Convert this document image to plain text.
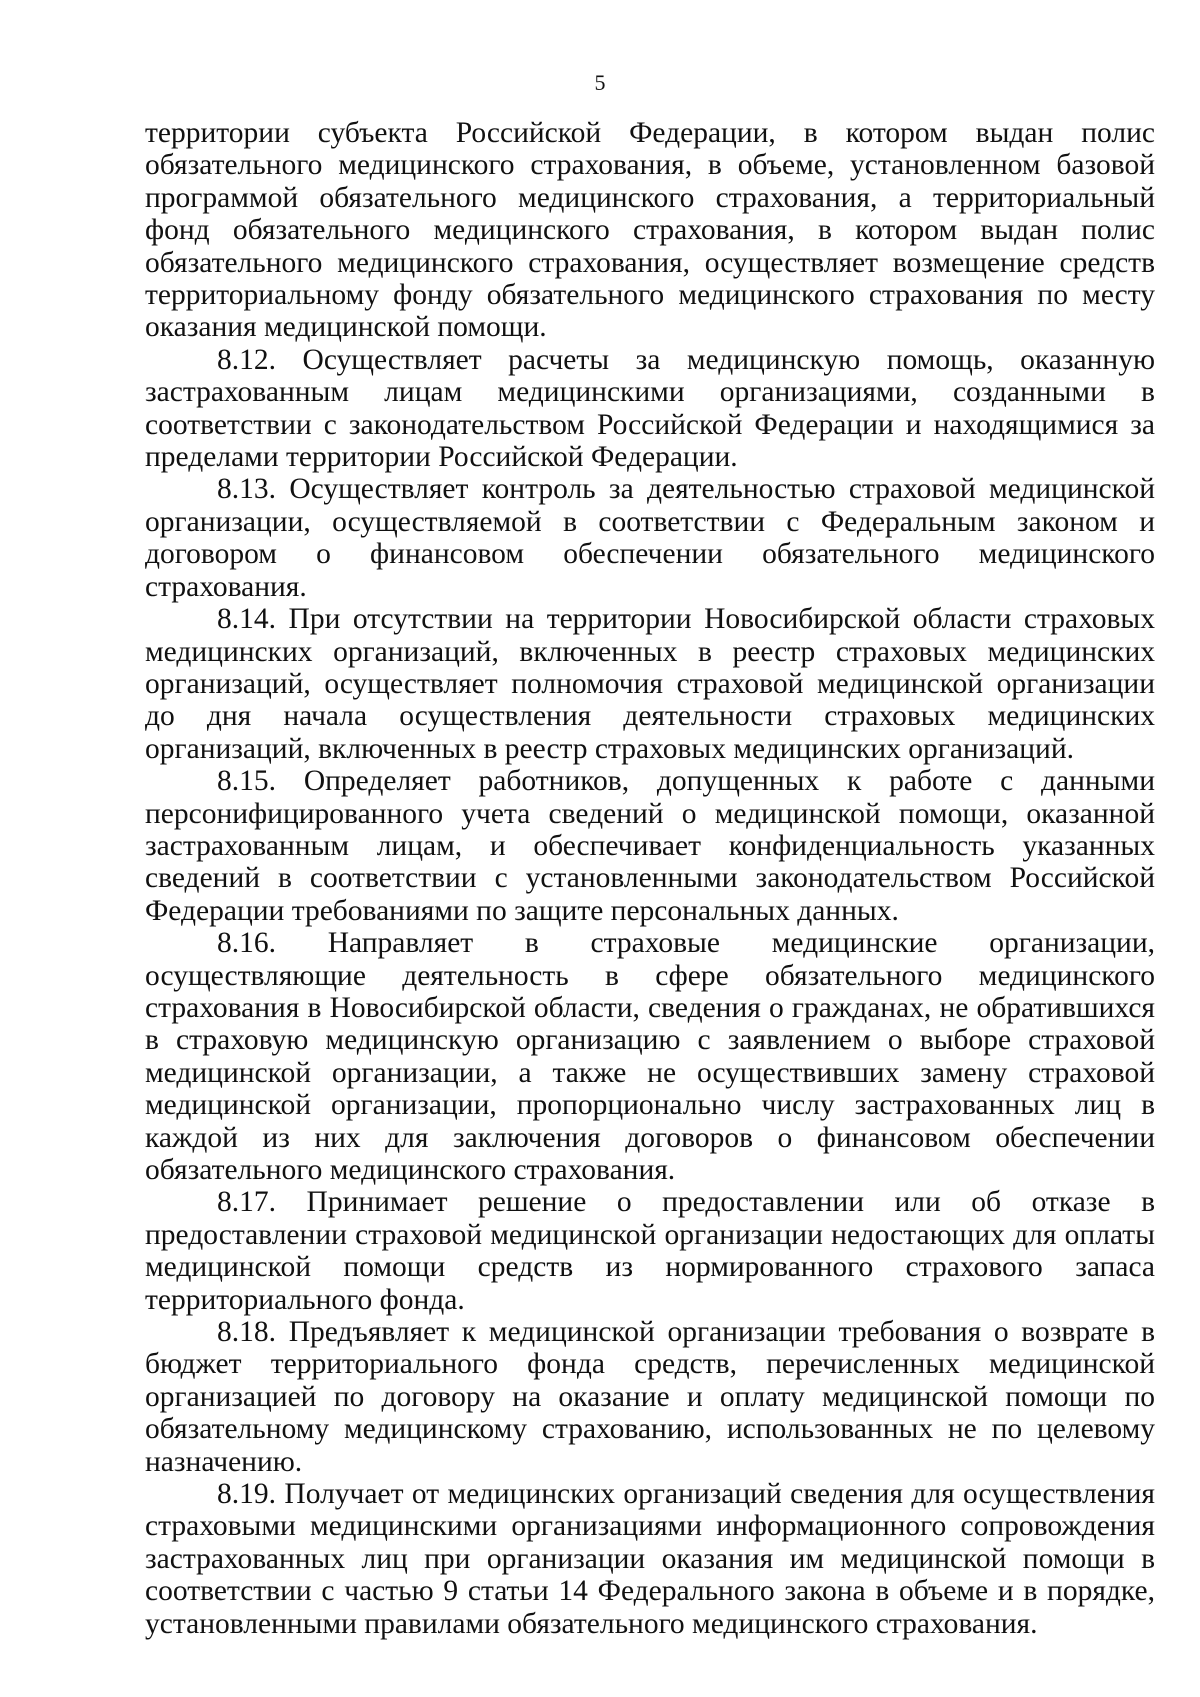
5

территории субъекта Российской Федерации, в котором выдан полис обязательного медицинского страхования, в объеме, установленном базовой программой обязательного медицинского страхования, а территориальный фонд обязательного медицинского страхования, в котором выдан полис обязательного медицинского страхования, осуществляет возмещение средств территориальному фонду обязательного медицинского страхования по месту оказания медицинской помощи.

8.12. Осуществляет расчеты за медицинскую помощь, оказанную застрахованным лицам медицинскими организациями, созданными в соответствии с законодательством Российской Федерации и находящимися за пределами территории Российской Федерации.

8.13. Осуществляет контроль за деятельностью страховой медицинской организации, осуществляемой в соответствии с Федеральным законом и договором о финансовом обеспечении обязательного медицинского страхования.

8.14. При отсутствии на территории Новосибирской области страховых медицинских организаций, включенных в реестр страховых медицинских организаций, осуществляет полномочия страховой медицинской организации до дня начала осуществления деятельности страховых медицинских организаций, включенных в реестр страховых медицинских организаций.

8.15. Определяет работников, допущенных к работе с данными персонифицированного учета сведений о медицинской помощи, оказанной застрахованным лицам, и обеспечивает конфиденциальность указанных сведений в соответствии с установленными законодательством Российской Федерации требованиями по защите персональных данных.

8.16. Направляет в страховые медицинские организации, осуществляющие деятельность в сфере обязательного медицинского страхования в Новосибирской области, сведения о гражданах, не обратившихся в страховую медицинскую организацию с заявлением о выборе страховой медицинской организации, а также не осуществивших замену страховой медицинской организации, пропорционально числу застрахованных лиц в каждой из них для заключения договоров о финансовом обеспечении обязательного медицинского страхования.

8.17. Принимает решение о предоставлении или об отказе в предоставлении страховой медицинской организации недостающих для оплаты медицинской помощи средств из нормированного страхового запаса территориального фонда.

8.18. Предъявляет к медицинской организации требования о возврате в бюджет территориального фонда средств, перечисленных медицинской организацией по договору на оказание и оплату медицинской помощи по обязательному медицинскому страхованию, использованных не по целевому назначению.

8.19. Получает от медицинских организаций сведения для осуществления страховыми медицинскими организациями информационного сопровождения застрахованных лиц при организации оказания им медицинской помощи в соответствии с частью 9 статьи 14 Федерального закона в объеме и в порядке, установленными правилами обязательного медицинского страхования.
